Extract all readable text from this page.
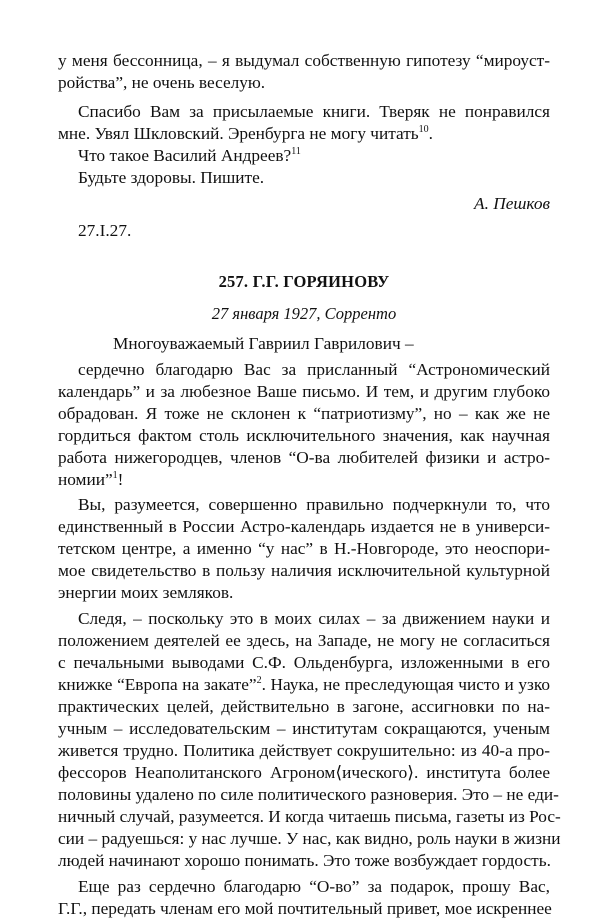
у меня бессонница, – я выдумал собственную гипотезу “мироуст-
ройства”, не очень веселую.
Спасибо Вам за присылаемые книги. Тверяк не понравился
мне. Увял Шкловский. Эренбурга не могу читать$^{10}$.
Что такое Василий Андреев?$^{11}$
Будьте здоровы. Пишите.
А. Пешков
27.I.27.
257. Г.Г. ГОРЯИНОВУ
27 января 1927, Сорренто
Многоуважаемый Гавриил Гаврилович –
сердечно благодарю Вас за присланный “Астрономический
календарь” и за любезное Ваше письмо. И тем, и другим глубоко
обрадован. Я тоже не склонен к “патриотизму”, но – как же не
гордиться фактом столь исключительного значения, как научная
работа нижегородцев, членов “О-ва любителей физики и астро-
номии”$^1$!
Вы, разумеется, совершенно правильно подчеркнули то, что
единственный в России Астро-календарь издается не в универси-
тетском центре, а именно “у нас” в Н.-Новгороде, это неоспори-
мое свидетельство в пользу наличия исключительной культурной
энергии моих земляков.
Следя, – поскольку это в моих силах – за движением науки и
положением деятелей ее здесь, на Западе, не могу не согласиться
с печальными выводами С.Ф. Ольденбурга, изложенными в его
книжке “Европа на закате”$^2$. Наука, не преследующая чисто и узко
практических целей, действительно в загоне, ассигновки по на-
учным – исследовательским – институтам сокращаются, ученым
живется трудно. Политика действует сокрушительно: из 40-а про-
фессоров Неаполитанского Агроном⟨ического⟩. института более
половины удалено по силе политического разноверия. Это – не еди-
ничный случай, разумеется. И когда читаешь письма, газеты из Рос-
сии – радуешься: у нас лучше. У нас, как видно, роль науки в жизни
людей начинают хорошо понимать. Это тоже возбуждает гордость.
Еще раз сердечно благодарю “О-во” за подарок, прошу Вас,
Г.Г., передать членам его мой почтительный привет, мое искреннее
